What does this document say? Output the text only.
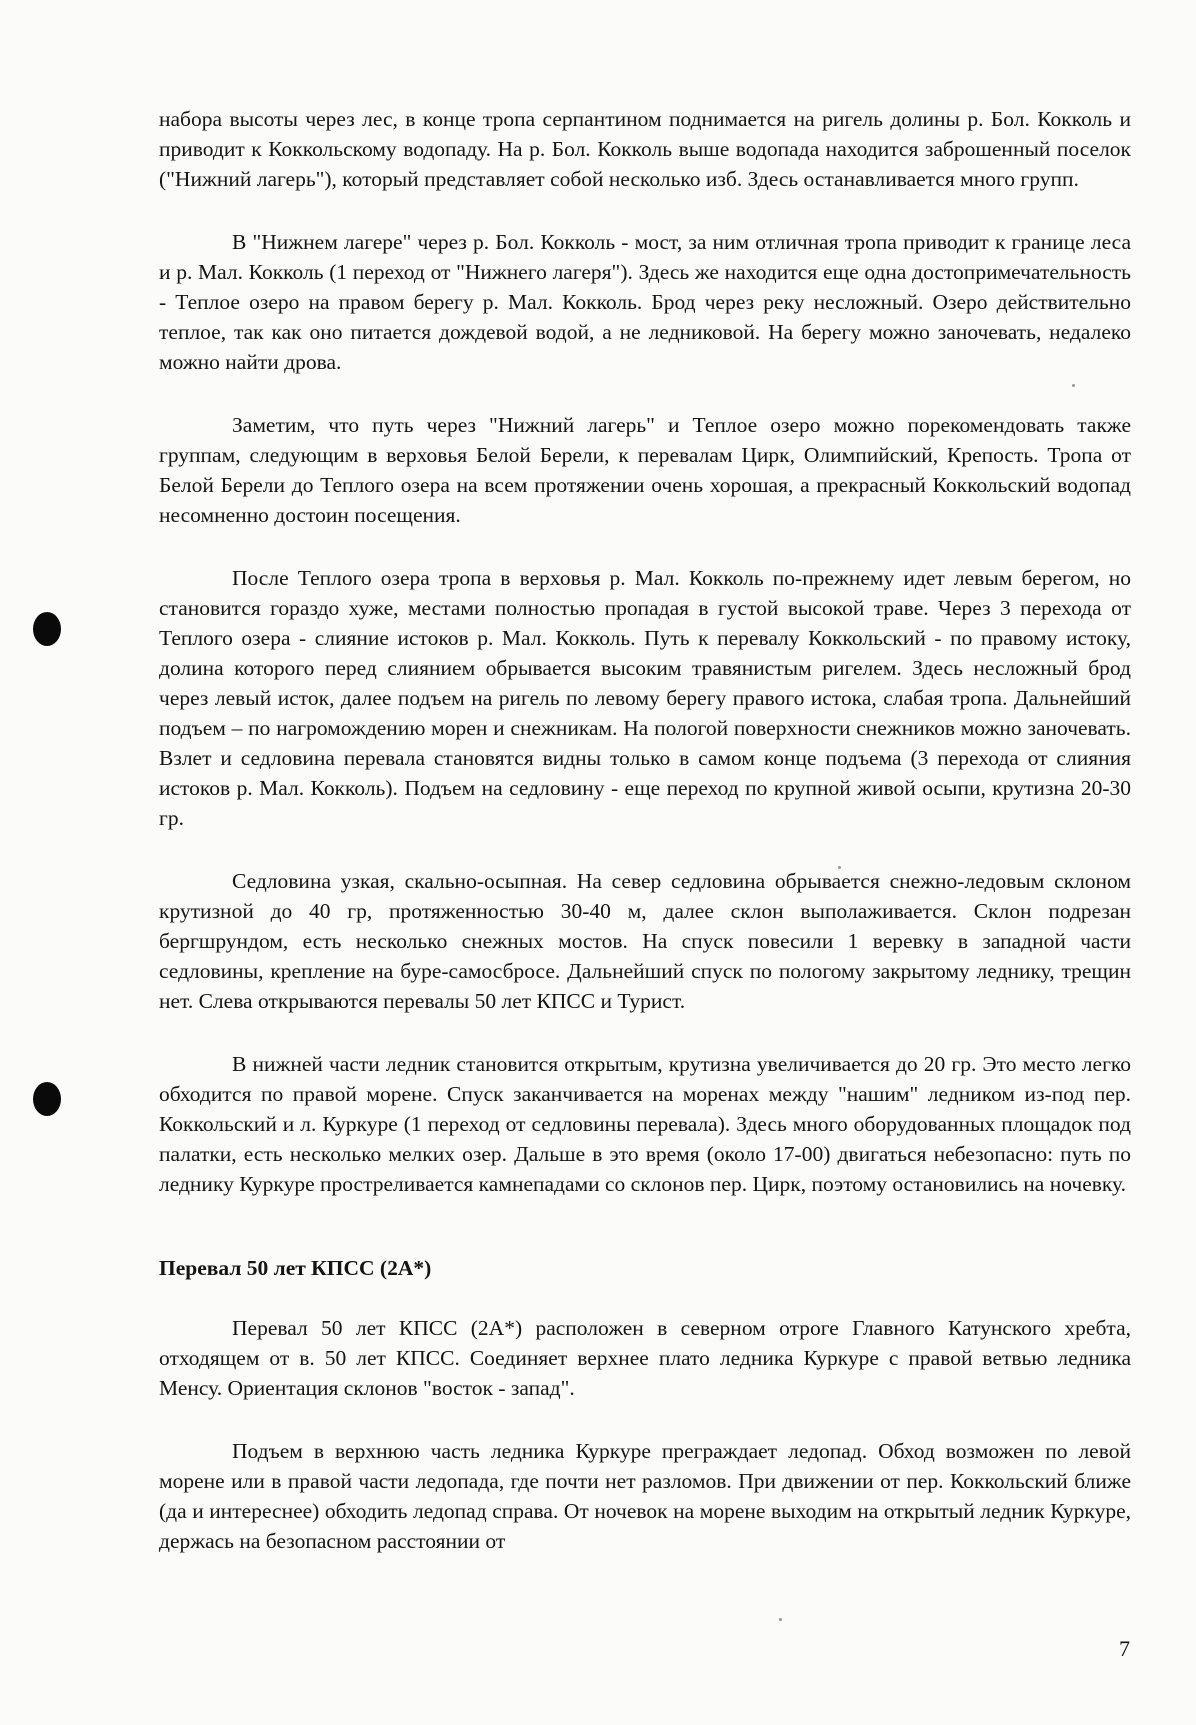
набора высоты через лес, в конце тропа серпантином поднимается на ригель долины р. Бол. Кокколь и приводит к Коккольскому водопаду. На р. Бол. Кокколь выше водопада находится заброшенный поселок ("Нижний лагерь"), который представляет собой несколько изб. Здесь останавливается много групп.

В "Нижнем лагере" через р. Бол. Кокколь - мост, за ним отличная тропа приводит к границе леса и р. Мал. Кокколь (1 переход от "Нижнего лагеря"). Здесь же находится еще одна достопримечательность - Теплое озеро на правом берегу р. Мал. Кокколь. Брод через реку несложный. Озеро действительно теплое, так как оно питается дождевой водой, а не ледниковой. На берегу можно заночевать, недалеко можно найти дрова.

Заметим, что путь через "Нижний лагерь" и Теплое озеро можно порекомендовать также группам, следующим в верховья Белой Берели, к перевалам Цирк, Олимпийский, Крепость. Тропа от Белой Берели до Теплого озера на всем протяжении очень хорошая, а прекрасный Коккольский водопад несомненно достоин посещения.

После Теплого озера тропа в верховья р. Мал. Кокколь по-прежнему идет левым берегом, но становится гораздо хуже, местами полностью пропадая в густой высокой траве. Через 3 перехода от Теплого озера - слияние истоков р. Мал. Кокколь. Путь к перевалу Коккольский - по правому истоку, долина которого перед слиянием обрывается высоким травянистым ригелем. Здесь несложный брод через левый исток, далее подъем на ригель по левому берегу правого истока, слабая тропа. Дальнейший подъем – по нагромождению морен и снежникам. На пологой поверхности снежников можно заночевать. Взлет и седловина перевала становятся видны только в самом конце подъема (3 перехода от слияния истоков р. Мал. Кокколь). Подъем на седловину - еще переход по крупной живой осыпи, крутизна 20-30 гр.

Седловина узкая, скально-осыпная. На север седловина обрывается снежно-ледовым склоном крутизной до 40 гр, протяженностью 30-40 м, далее склон выполаживается. Склон подрезан бергшрундом, есть несколько снежных мостов. На спуск повесили 1 веревку в западной части седловины, крепление на буре-самосбросе. Дальнейший спуск по пологому закрытому леднику, трещин нет. Слева открываются перевалы 50 лет КПСС и Турист.

В нижней части ледник становится открытым, крутизна увеличивается до 20 гр. Это место легко обходится по правой морене. Спуск заканчивается на моренах между "нашим" ледником из-под пер. Коккольский и л. Куркуре (1 переход от седловины перевала). Здесь много оборудованных площадок под палатки, есть несколько мелких озер. Дальше в это время (около 17-00) двигаться небезопасно: путь по леднику Куркуре простреливается камнепадами со склонов пер. Цирк, поэтому остановились на ночевку.

Перевал 50 лет КПСС (2А*)

Перевал 50 лет КПСС (2А*) расположен в северном отроге Главного Катунского хребта, отходящем от в. 50 лет КПСС. Соединяет верхнее плато ледника Куркуре с правой ветвью ледника Менсу. Ориентация склонов "восток - запад".

Подъем в верхнюю часть ледника Куркуре преграждает ледопад. Обход возможен по левой морене или в правой части ледопада, где почти нет разломов. При движении от пер. Коккольский ближе (да и интереснее) обходить ледопад справа. От ночевок на морене выходим на открытый ледник Куркуре, держась на безопасном расстоянии от

7
